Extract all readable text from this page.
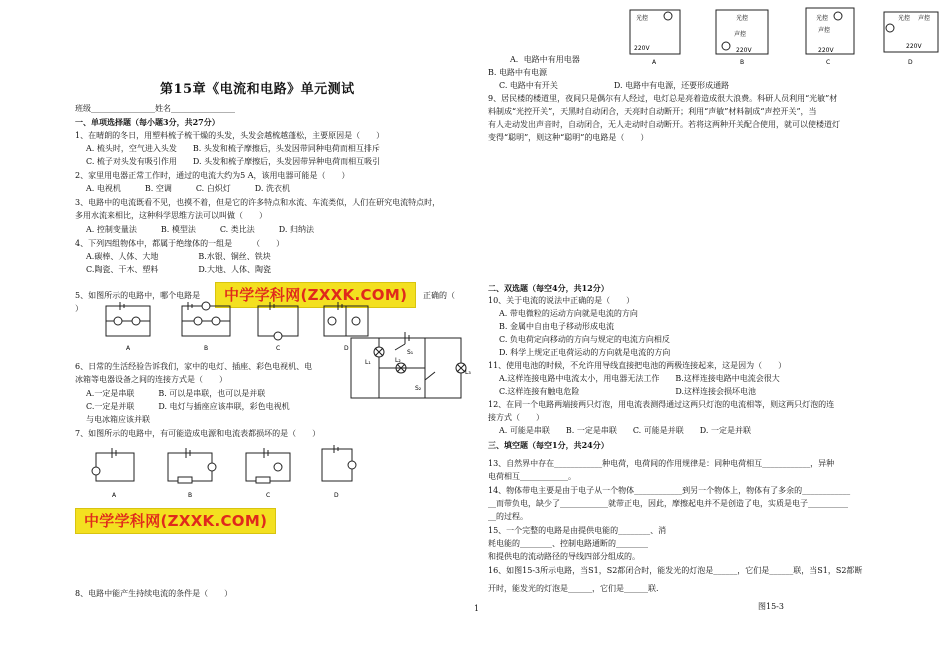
第15章《电流和电路》单元测试
班级________________姓名________________
一、单项选择题（每小题3分，共27分）
1、在晴朗的冬日，用塑料梳子梳干燥的头发，头发会越梳越蓬松，主要原因是（　　）
A. 梳头时，空气进入头发　　B. 头发和梳子摩擦后，头发因带同种电荷而相互排斥
C. 梳子对头发有吸引作用　　D. 头发和梳子摩擦后，头发因带异种电荷而相互吸引
2、家里用电器正常工作时，通过的电流大约为5 A，该用电器可能是（　　）
A. 电视机　　　B. 空调　　　C. 白炽灯　　　D. 洗衣机
3、电路中的电流既看不见，也摸不着，但是它的许多特点和水流、车流类似，人们在研究电流特点时，
多用水流来相比，这种科学思维方法可以叫做（　　）
A. 控制变量法　　　B. 模型法　　　C. 类比法　　　D. 归纳法
4、下列四组物体中，都属于绝缘体的一组是　　　（　　）
A.碳棒、人体、大地　　　　　B.水银、铜丝、铁块
C.陶瓷、干木、塑料　　　　　D.大地、人体、陶瓷
5、如图所示的电路中，哪个电路是	正确的（
）
中学学科网(ZXXK.COM)
A	B	C	D
L₁	L₂
L₃
S₁
S₂
6、日常的生活经验告诉我们，家中的电灯、插座、彩色电视机、电
冰箱等电器设备之间的连接方式是（　　）
A.一定是串联　　　B. 可以是串联，也可以是并联
C.一定是并联　　　D. 电灯与插座应该串联，彩色电视机
与电冰箱应该并联
7、如图所示的电路中，有可能造成电源和电流表都损坏的是（　　）
A	B	C	D
中学学科网(ZXXK.COM)
8、电路中能产生持续电流的条件是（　　）
1
光控
220V
光控
声控
220V
光控
声控
220V
光控 声控
220V
A	B	C	D
A．电路中有用电器
B. 电路中有电源
C. 电路中有开关　　　　　　　D. 电路中有电源，还要形成通路
9、居民楼的楼道里，夜间只是偶尔有人经过，电灯总是亮着造成很大浪费。科研人员利用“光敏”材
料制成“光控开关”，天黑时自动闭合，天亮时自动断开；利用“声敏”材料制成“声控开关”，当
有人走动发出声音时，自动闭合，无人走动时自动断开。若将这两种开关配合使用，就可以使楼道灯
变得“聪明”，则这种“聪明”的电路是（　　）
二、双选题（每空4分，共12分）
10、关于电流的说法中正确的是（　　）
A. 带电微粒的运动方向就是电流的方向
B. 金属中自由电子移动形成电流
C. 负电荷定向移动的方向与规定的电流方向相反
D. 科学上规定正电荷运动的方向就是电流的方向
11、使用电池的时候，不允许用导线直接把电池的两极连接起来，这是因为（　　）
A.这样连接电路中电流太小，用电器无法工作　　B.这样连接电路中电流会很大
C.这样连接有触电危险　　　　　　　　　　　　D.这样连接会损坏电池
12、在同一个电路两端接两只灯泡，用电流表测得通过这两只灯泡的电流相等，则这两只灯泡的连
接方式（　　）
A. 可能是串联　　B. 一定是串联　　C. 可能是并联　　D. 一定是并联
三、填空题（每空1分，共24分）
13、自然界中存在____________种电荷，电荷间的作用规律是：同种电荷相互____________，异种
电荷相互____________。
14、物体带电主要是由于电子从一个物体____________到另一个物体上，物体有了多余的____________
__而带负电，缺少了____________就带正电，因此，摩擦起电并不是创造了电，实质是电子__________
__的过程。
15、一个完整的电路是由提供电能的________、消
耗电能的________、控制电路通断的________
和提供电的流动路径的导线四部分组成的。
16、如图15-3所示电路，当S1，S2都闭合时，能发光的灯泡是______，它们是______联，当S1，S2都断
开时，能发光的灯泡是______，它们是______联.
图15-3
